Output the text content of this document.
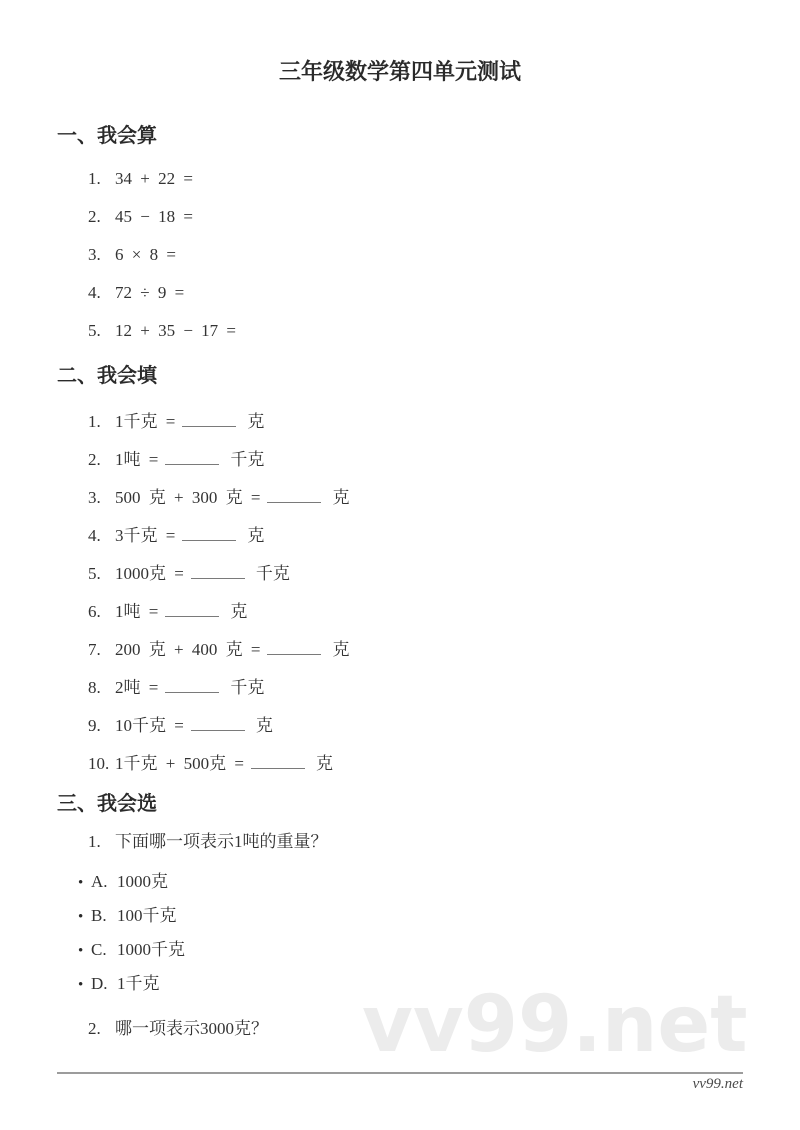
vv99.net
三年级数学第四单元测试
一、我会算
1. 34 + 22 =
2. 45 − 18 =
3. 6 × 8 =
4. 72 ÷ 9 =
5. 12 + 35 − 17 =
二、我会填
1. 1千克 =	克
2. 1吨 =	千克
3. 500 克 + 300 克 =	克
4. 3千克 =	克
5. 1000克 =	千克
6. 1吨 =	克
7. 200 克 + 400 克 =	克
8. 2吨 =	千克
9. 10千克 =	克
10. 1千克 + 500克 =	克
三、我会选
1. 下面哪一项表示1吨的重量？
• A. 1000克
• B. 100千克
• C. 1000千克
• D. 1千克
2. 哪一项表示3000克？
vv99.net
